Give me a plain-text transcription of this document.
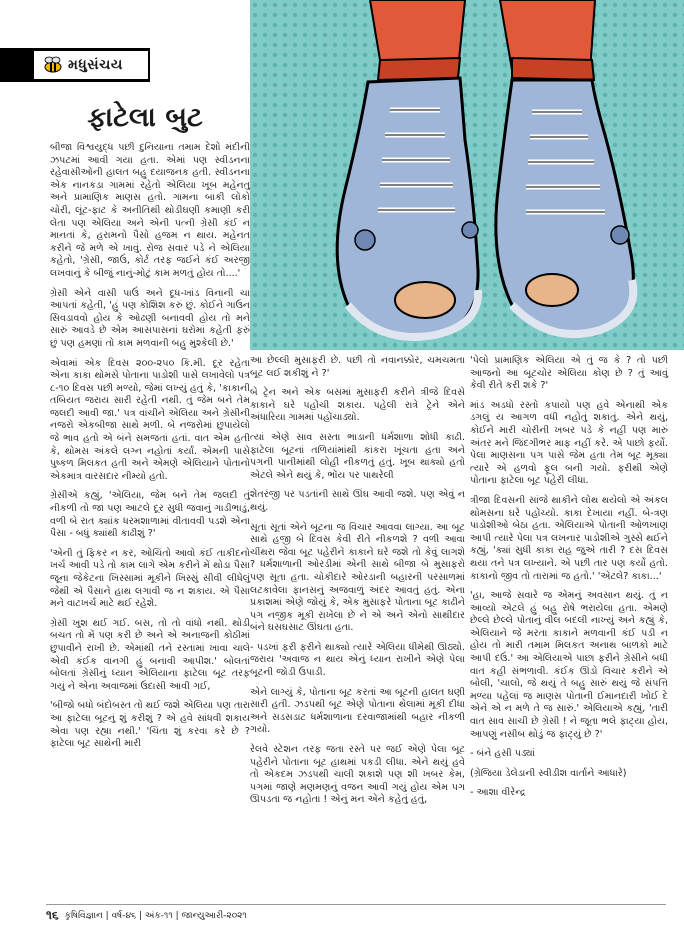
મધુસંચય
ફાટેલા બુટ

બીજા વિશ્વયુદ્ધ પછી દુનિયાના તમામ દેશો મંદીની ઝપટમાં આવી ગયા હતા. એમાં પણ સ્વીડનના રહેવાસીઓની હાલત બહુ દયાજનક હતી. સ્વીડનના એક નાનકડા ગામમાં રહેતો એલિયા ખૂબ મહેનતુ અને પ્રામાણિક માણસ હતો. ગામના બાકી લોકો ચોરી, લૂંટ-ફાટ કે અનીતિથી થોડીઘણી કમાણી કરી લેતા પણ એલિયા અને એની પત્ની ગ્રેસી કંઈ ન માનતાં કે, હરામનો પૈસો હજમ ન થાય. મહેનત કરીને જે મળે એ ખાવું. રોજ સવાર પડે ને એલિયા કહેતો, 'ગ્રેસી, જાઉં, કોર્ટ તરફ જઈને કંઈ અરજી લખવાનું કે બીજું નાનું-મોટું કામ મળતું હોય તો....'

ગ્રેસી એને વાસી પાઉં અને દૂધ-ખાંડ વિનાની ચા આપતાં કહેતી, 'હું પણ કોશિશ કરું છું. કોઈને ગાઉન સિવડાવવો હોય કે ઓઢણી બનાવવી હોય તો મને સારું આવડે છે એમ આસપાસનાં ઘરોમાં કહેતી ફરું છું પણ હમણાં તો કામ મળવાની બહુ મુશ્કેલી છે.'

એવામાં એક દિવસ ૨૦૦-૨૫૦ કિ.મી. દૂર રહેતા એના કાકા થોમસે પોતાના પાડોશી પાસે લખાવેલો પત્ર ૮-૧૦ દિવસ પછી મળ્યો, જેમાં લખ્યું હતું કે, 'કાકાની તબિયત જરાય સારી રહેતી નથી. તું જેમ બને તેમ જલદી આવી જા.' પત્ર વાંચીને એલિયા અને ગ્રેસીની નજરો એકબીજા સાથે મળી. બે નજરોમાં છુપાયેલો જે ભાવ હતો એ બંને સમજતાં હતાં. વાત એમ હતી કે, થોમસ અંકલે લગ્ન નહોતાં કર્યાં. એમની પાસે પુષ્કળ મિલકત હતી અને એમણે એલિયાને પોતાનો એકમાત્ર વારસદાર નીમ્યો હતો.

ગ્રેસીએ કહ્યું, 'એલિયા, જેમ બને તેમ જલદી તું નીકળી તો જા પણ આટલે દૂર સુધી જવાનું ગાડીભાડું, વળી બે રાત ક્યાંક ધરમશાળામાં વીતાવવી પડશે એના પૈસા - બધું ક્યાંથી કાઢીશું ?'

'એની તું ફિકર ન કર, ઓચિંતો આવો કંઈ તાકીદનો ખર્ચ આવી પડે તો કામ લાગે એમ કરીને મેં થોડા પૈસા જૂના જેકેટના ખિસ્સામાં મૂકીને ખિસ્સું સીવી લીધેલું જેથી એ પૈસાને હાથ લગાવી જ ન શકાય. એ પૈસા મને વાટખર્ચ માટે થઈ રહેશે.

ગ્રેસી ખુશ થઈ ગઈ. બસ, તો તો વાંધો નથી. થોડી બચત તો મેં પણ કરી છે અને એ અનાજની કોઠીમાં છુપાવીને રાખી છે. એમાંથી તને રસ્તામાં ખાવા ચાલે એવી કંઈક વાનગી હું બનાવી આપીશ.' બોલતાં બોલતાં ગ્રેસીનું ધ્યાન એલિયાના ફાટેલા બૂટ તરફ ગયું ને એના અવાજમાં ઉદાસી આવી ગઈ,

'બીજો બધો બંદોબસ્ત તો થઈ જશે એલિયા પણ તારા આ ફાટેલા બૂટનું શું કરીશું ? એ હવે સાંધવી શકાય એવા પણ રહ્યા નથી.' 'ચિંતા શું કરવા કરે છે ? ફાટેલા બૂટ સાથેની મારી

આ છેલ્લી મુસાફરી છે. પછી તો નવાનક્કોર, ચમચમતા બૂટ લઈ શકીશું ને ?'

બે ટ્રેન અને એક બસમાં મુસાફરી કરીને ત્રીજે દિવસે કાકાને ઘરે પહોંચી શકાય. પહેલી રાત્રે ટ્રેને એને અંધારિયા ગામમાં પહોંચાડ્યો.

ત્યાં એણે સાવ સસ્તા ભાડાની ધર્મશાળા શોધી કાઢી. ફાટેલા બૂટનાં તળિયાંમાંથી કાંકરા ખૂંચતા હતા અને પગની પાનીમાંથી લોહી નીકળતું હતું. ખૂબ થાક્યો હતો એટલે એને થયું કે, ભોંય પર પાથરેલી

શેતરંજી પર પડતાંની સાથે ઊંઘ આવી જશે. પણ એવું ન થયું.

સૂતાં સૂતાં એને બૂટના જ વિચાર આવવા લાગ્યા. આ બૂટ સાથે હજી બે દિવસ કેવી રીતે નીકળશે ? વળી આવા ચીંથરા જેવા બૂટ પહેરીને કાકાને ઘરે જશે તો કેવું લાગશે ? ધર્મશાળાની ઓરડીમાં એની સાથે બીજા બે મુસાફરો પણ સૂતા હતા. ચોકીદારે ઓરડાની બહારની પરસાળમાં લટકાવેલા ફાનસનું અજવાળું અંદર આવતું હતું. એના પ્રકાશમાં એણે જોયું કે, એક મુસાફરે પોતાના બૂટ કાઢીને પગ નજીક મૂકી રાખેલા છે ને એ અને એનો સાથીદાર બંને ઘસઘસાટ ઊંઘતા હતા.

- પડખાં ફરી ફરીને થાક્યો ત્યારે એલિયા ધીમેથી ઊઠ્યો. જરાય 'અવાજ ન થાય એનું ધ્યાન રાખીને એણે પેલા બૂટની જોડી ઉપાડી.

એને લાગ્યું કે, પોતાના બૂટ કરતાં આ બૂટની હાલત ઘણી સારી હતી. ઝડપથી બૂટ એણે પોતાના થેલામાં મૂકી દીધા અને સડસડાટ ધર્મશાળાના દરવાજામાંથી બહાર નીકળી ગયો.

રેલવે સ્ટેશન તરફ જતા રસ્તે પર જઈ એણે પેલા બૂટ પહેરીને પોતાના બૂટ હાથમાં પકડી લીધા. એને થયું હવે તો એકદમ ઝડપથી ચાલી શકાશે પણ શી ખબર કેમ, પગમાં જાણે મણમણનું વજન આવી ગયું હોય એમ પગ ઊપડતા જ નહોતા ! એનું મન એને કહેતું હતું,

'પેલો પ્રામાણિક એલિયા એ તું જ કે ? તો પછી આજનો આ બૂટચોર એલિયા કોણ છે ? તું આવું કેવી રીતે કરી શકે ?'

માંડ અડધો રસ્તો કપાયો પણ હવે એનાથી એક ડગલું ય આગળ વધી નહોતું શકાતું. એને થયું, કોઈને મારી ચોરીની ખબર પડે કે નહીં પણ મારું અંતર મને જિંદગીભર માફ નહીં કરે. એ પાછો ફર્યો. પેલા માણસના પગ પાસે જેમ હતા તેમ બૂટ મૂક્યા ત્યારે એ હળવો ફૂલ બની ગયો. ફરીથી એણે પોતાના ફાટેલા બૂટ પહેરી લીધા.

ત્રીજા દિવસની સાંજે થાકીને લોથ થયેલો એ અંકલ થોમસના ઘરે પહોંચ્યો. કાકા દેખાયા નહીં. બે-ત્રણ પાડોશીઓ બેઠા હતા. એલિયાએ પોતાની ઓળખાણ આપી ત્યારે પેલા પત્ર લખનાર પાડોશીએ ગુસ્સે થઈને કહ્યું, 'ક્યાં સુધી કાકા રાહ જુએ તારી ? દસ દિવસ થયા તને પત્ર લખ્યાને. એ પછી તાર પણ કર્યો હતો. કાકાનો જીવ તો તારામાં જ હતો.' 'એટલે? કાકા...'

'હા, આજે સવારે જ એમનું અવસાન થયું. તું ન આવ્યો એટલે હું બહુ રોષે ભરાયેલા હતા. એમણે છેલ્લે છેલ્લે પોતાનું વીલ બદલી નાખ્યું અને કહ્યું કે, એલિયાને જે મરતા કાકાને મળવાની કંઈ પડી ન હોય તો મારી તમામ મિલકત અનાથ બાળકો માટે આપી દઉં.' આ એલિયાએ પાછા ફરીને ગ્રેસીને બધી વાત કહી સંભળાવી. કંઈક ઊંડો વિચાર કરીને એ બોલી, 'ચાલો, જે થયું તે બહુ સારું થયું જે સંપત્તિ મળ્યા પહેલાં જ માણસ પોતાની ઈમાનદારી ખોઈ દે એને એ ન મળે તે જ સારું.' એલિયાએ કહ્યું, 'તારી વાત સાવ સાચી છે ગ્રેસી ! ને જૂતા ભલે ફાટ્યા હોય, આપણું નસીબ થોડું જ ફાટ્યું છે ?'

- બંને હસી પડ્યાં

(ગ્રેજિયા ડેલેડાની સ્વીડીશ વાર્તાને આધારે)

- આશા વીરેન્દ્ર

૧૬ કૃષિવિજ્ઞાન | વર્ષ-૪૬ | અંક-૧૧ | જાન્યુઆરી-૨૦૨૧
